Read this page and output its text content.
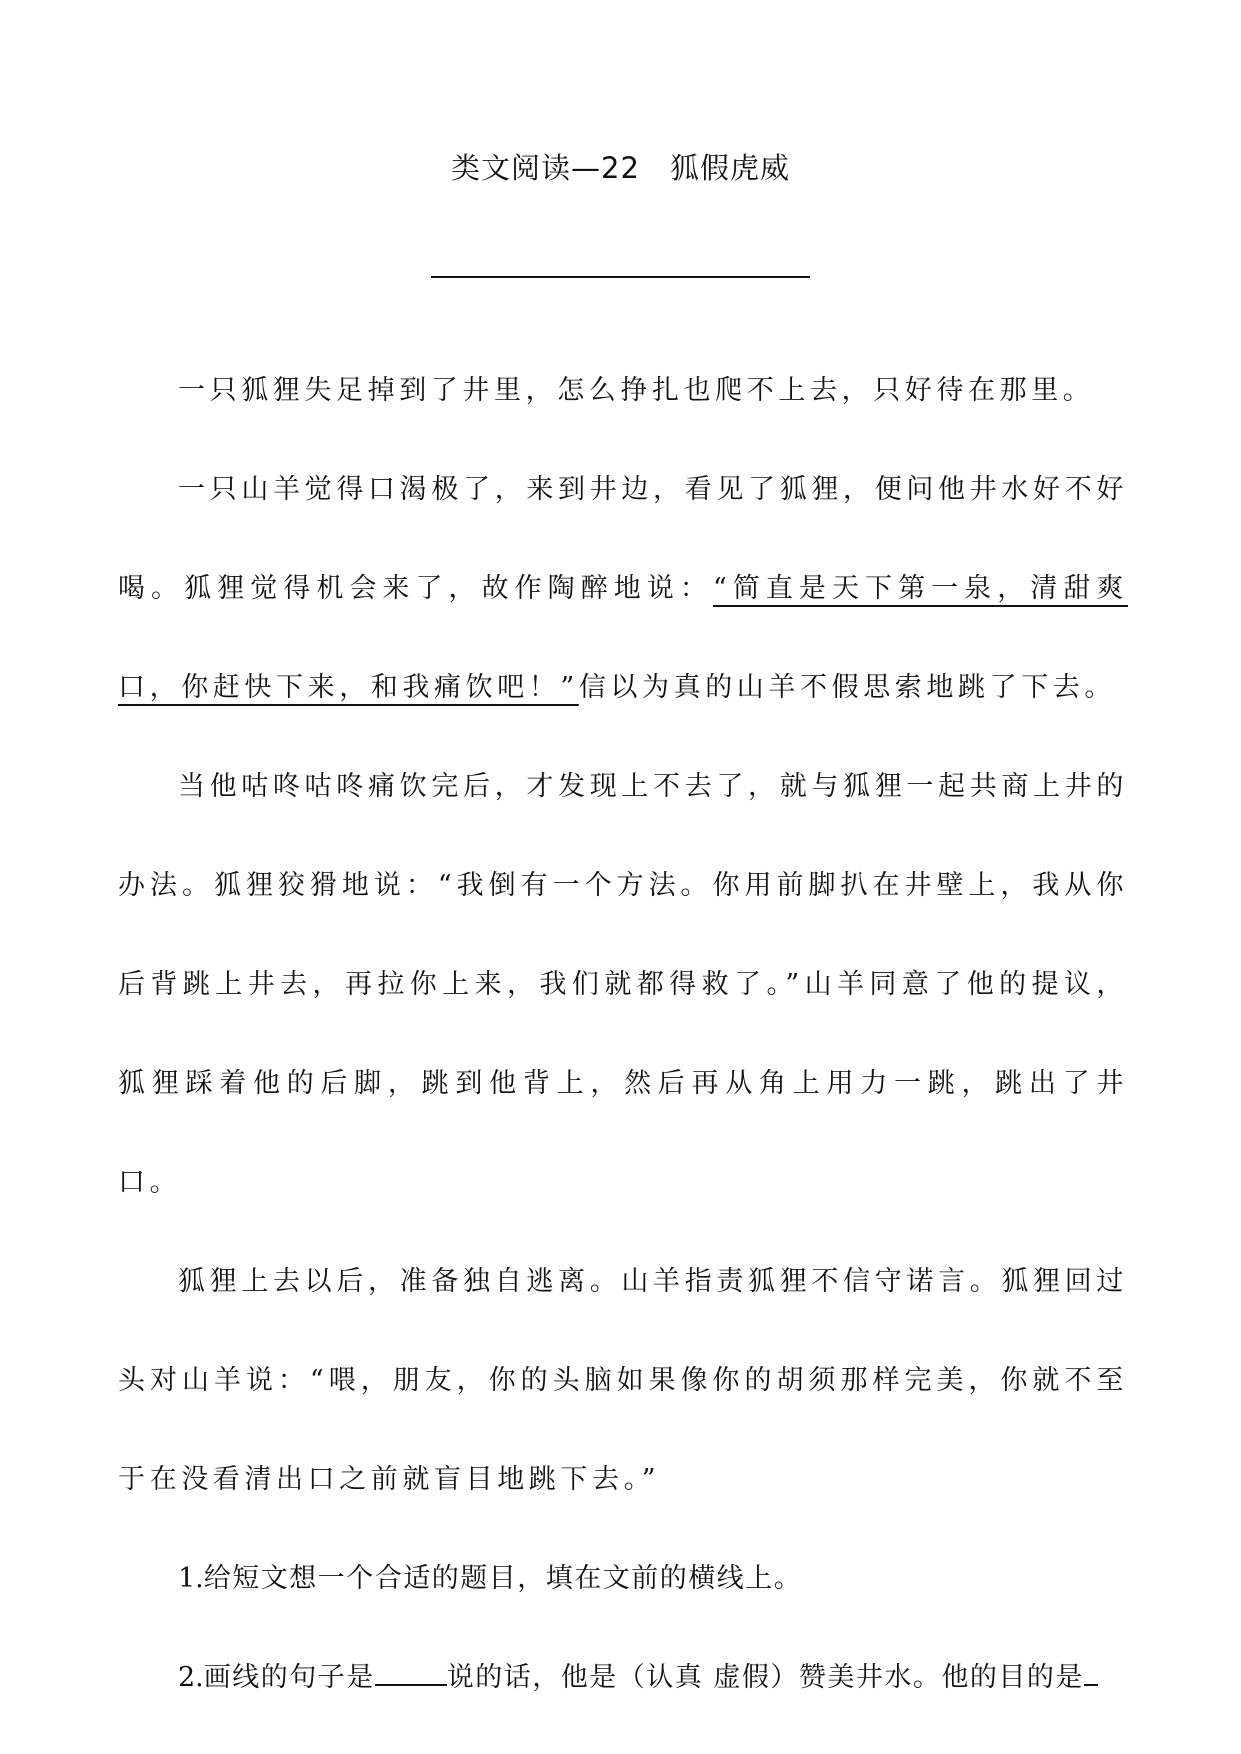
类文阅读—22　狐假虎威

一只狐狸失足掉到了井里，怎么挣扎也爬不上去，只好待在那里。

一只山羊觉得口渴极了，来到井边，看见了狐狸，便问他井水好不好喝。狐狸觉得机会来了，故作陶醉地说：“简直是天下第一泉，清甜爽口，你赶快下来，和我痛饮吧！”信以为真的山羊不假思索地跳了下去。

当他咕咚咕咚痛饮完后，才发现上不去了，就与狐狸一起共商上井的办法。狐狸狡猾地说：“我倒有一个方法。你用前脚扒在井壁上，我从你后背跳上井去，再拉你上来，我们就都得救了。”山羊同意了他的提议，狐狸踩着他的后脚，跳到他背上，然后再从角上用力一跳，跳出了井口。

狐狸上去以后，准备独自逃离。山羊指责狐狸不信守诺言。狐狸回过头对山羊说：“喂，朋友，你的头脑如果像你的胡须那样完美，你就不至于在没看清出口之前就盲目地跳下去。”

1.给短文想一个合适的题目，填在文前的横线上。

2.画线的句子是	说的话，他是（认真 虚假）赞美井水。他的目的是
